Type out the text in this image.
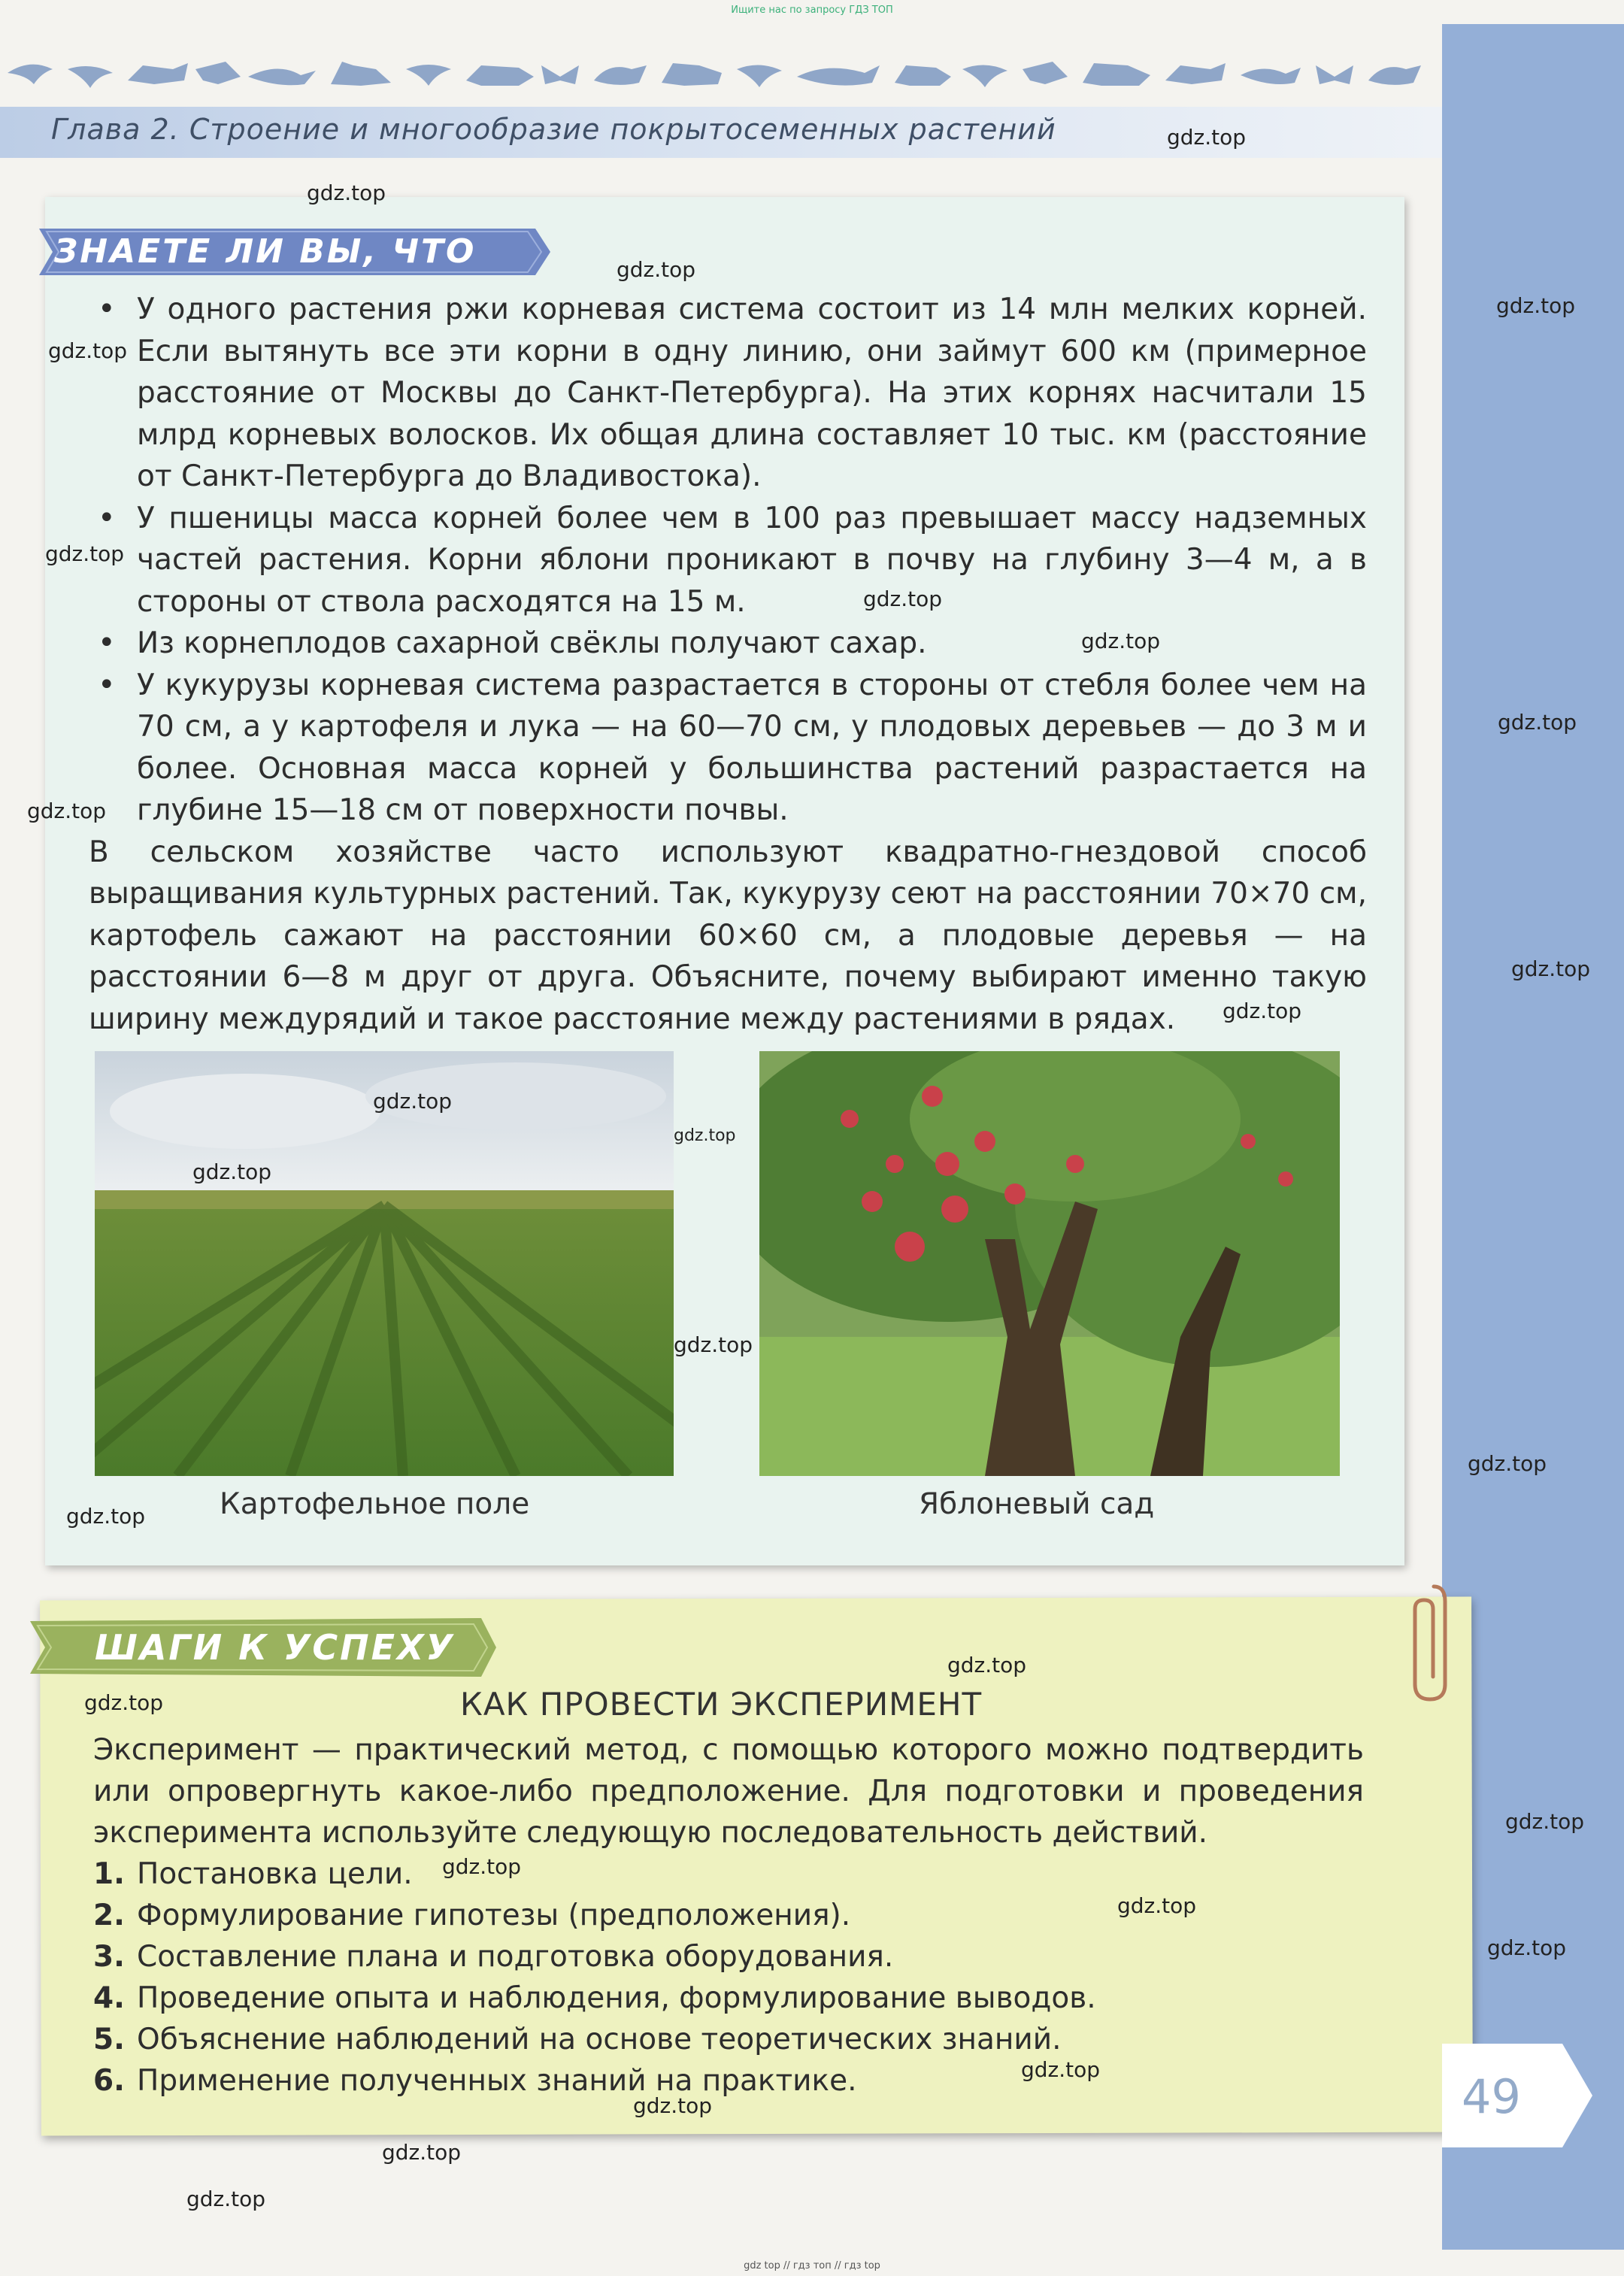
Ищите нас по запросу ГДЗ ТОП
Глава 2. Строение и многообразие покрытосеменных растений
ЗНАЕТЕ ЛИ ВЫ, ЧТО
• У одного растения ржи корневая система состоит из 14 млн мелких корней. Если вытянуть все эти корни в одну линию, они займут 600 км (примерное расстояние от Москвы до Санкт-Петербурга). На этих корнях насчитали 15 млрд корневых волосков. Их общая длина составляет 10 тыс. км (расстояние от Санкт-Петербурга до Владивостока).
• У пшеницы масса корней более чем в 100 раз превышает массу надземных частей растения. Корни яблони проникают в почву на глубину 3—4 м, а в стороны от ствола расходятся на 15 м.
• Из корнеплодов сахарной свёклы получают сахар.
• У кукурузы корневая система разрастается в стороны от стебля более чем на 70 см, а у картофеля и лука — на 60—70 см, у плодовых деревьев — до 3 м и более. Основная масса корней у большинства растений разрастается на глубине 15—18 см от поверхности почвы.

В сельском хозяйстве часто используют квадратно-гнездовой способ выращивания культурных растений. Так, кукурузу сеют на расстоянии 70×70 см, картофель сажают на расстоянии 60×60 см, а плодовые деревья — на расстоянии 6—8 м друг от друга. Объясните, почему выбирают именно такую ширину междурядий и такое расстояние между растениями в рядах.

Картофельное поле	Яблоневый сад
ШАГИ К УСПЕХУ
КАК ПРОВЕСТИ ЭКСПЕРИМЕНТ
Эксперимент — практический метод, с помощью которого можно подтвердить или опровергнуть какое-либо предположение. Для подготовки и проведения эксперимента используйте следующую последовательность действий.
1. Постановка цели.
2. Формулирование гипотезы (предположения).
3. Составление плана и подготовка оборудования.
4. Проведение опыта и наблюдения, формулирование выводов.
5. Объяснение наблюдений на основе теоретических знаний.
6. Применение полученных знаний на практике.	49
gdz.top
gdz.top
gdz.top
gdz.top
gdz.top
gdz.top
gdz.top
gdz.top
gdz.top
gdz.top
gdz.top
gdz.top
gdz.top
gdz.top
gdz.top
gdz.top
gdz.top
gdz.top
gdz.top
gdz.top
gdz.top
gdz.top
gdz.top
gdz.top
gdz.top
gdz.top
gdz.top
gdz.top
gdz top // гдз топ // гдз top
